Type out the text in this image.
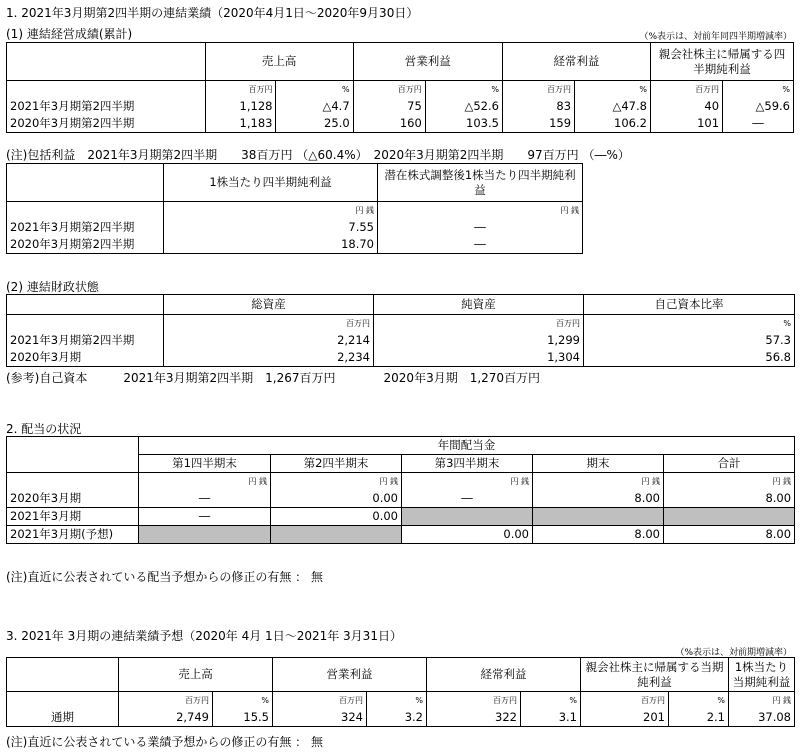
1. 2021年3月期第2四半期の連結業績（2020年4月1日～2020年9月30日）
(1) 連結経営成績(累計)	（%表示は、対前年同四半期増減率）
	売上高		営業利益		経常利益		親会社株主に帰属する四半期純利益	
	百万円	%	百万円	%	百万円	%	百万円	%
2021年3月期第2四半期	1,128	△4.7	75	△52.6	83	△47.8	40	△59.6
2020年3月期第2四半期	1,183	25.0	160	103.5	159	106.2	101	―
(注)包括利益　2021年3月期第2四半期　　38百万円 （△60.4%）　2020年3月期第2四半期　　97百万円 （―%）
	1株当たり四半期純利益	潜在株式調整後1株当たり四半期純利益
	円 銭	円 銭
2021年3月期第2四半期	7.55	―
2020年3月期第2四半期	18.70	―
(2) 連結財政状態
	総資産	純資産	自己資本比率
	百万円	百万円	%
2021年3月期第2四半期	2,214	1,299	57.3
2020年3月期	2,234	1,304	56.8
(参考)自己資本　　　2021年3月期第2四半期　1,267百万円　　　　2020年3月期　1,270百万円
2. 配当の状況
	年間配当金				
	第1四半期末	第2四半期末	第3四半期末	期末	合計
	円 銭	円 銭	円 銭	円 銭	円 銭
2020年3月期	―	0.00	―	8.00	8.00
2021年3月期	―	0.00			
2021年3月期(予想)			0.00	8.00	8.00
(注)直近に公表されている配当予想からの修正の有無 ： 無
3. 2021年 3月期の連結業績予想（2020年 4月 1日～2021年 3月31日）
（%表示は、対前期増減率）
	売上高		営業利益		経常利益		親会社株主に帰属する当期純利益		1株当たり当期純利益
	百万円	%	百万円	%	百万円	%	百万円	%	円 銭
通期	2,749	15.5	324	3.2	322	3.1	201	2.1	37.08
(注)直近に公表されている業績予想からの修正の有無 ： 無
